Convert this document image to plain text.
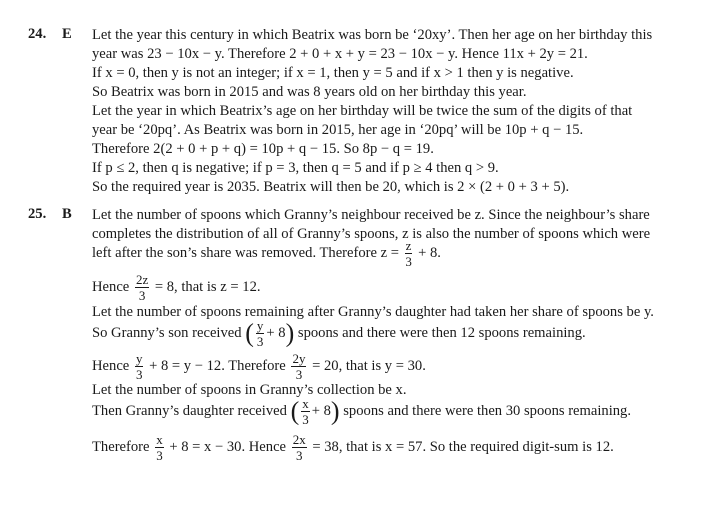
24. E Let the year this century in which Beatrix was born be ‘20xy’. Then her age on her birthday this
year was 23 − 10x − y. Therefore 2 + 0 + x + y = 23 − 10x − y. Hence 11x + 2y = 21.
If x = 0, then y is not an integer; if x = 1, then y = 5 and if x > 1 then y is negative.
So Beatrix was born in 2015 and was 8 years old on her birthday this year.
Let the year in which Beatrix’s age on her birthday will be twice the sum of the digits of that
year be ‘20pq’. As Beatrix was born in 2015, her age in ‘20pq’ will be 10p + q − 15.
Therefore 2(2 + 0 + p + q) = 10p + q − 15. So 8p − q = 19.
If p ≤ 2, then q is negative; if p = 3, then q = 5 and if p ≥ 4 then q > 9.
So the required year is 2035. Beatrix will then be 20, which is 2 × (2 + 0 + 3 + 5).
25. B Let the number of spoons which Granny’s neighbour received be z. Since the neighbour’s share
completes the distribution of all of Granny’s spoons, z is also the number of spoons which were
left after the son’s share was removed. Therefore $z = \frac{z}{3} + 8$.
Hence $\frac{2z}{3} = 8$, that is z = 12.
Let the number of spoons remaining after Granny’s daughter had taken her share of spoons be y.
So Granny’s son received ( $\frac{y}{3} + 8$) spoons and there were then 12 spoons remaining.
Hence $\frac{y}{3} + 8 = y - 12$. Therefore $\frac{2y}{3} = 20$, that is y = 30.
Let the number of spoons in Granny’s collection be x.
Then Granny’s daughter received ( $\frac{x}{3} + 8$) spoons and there were then 30 spoons remaining.
Therefore $\frac{x}{3} + 8 = x - 30$. Hence $\frac{2x}{3} = 38$, that is x = 57. So the required digit-sum is 12.
